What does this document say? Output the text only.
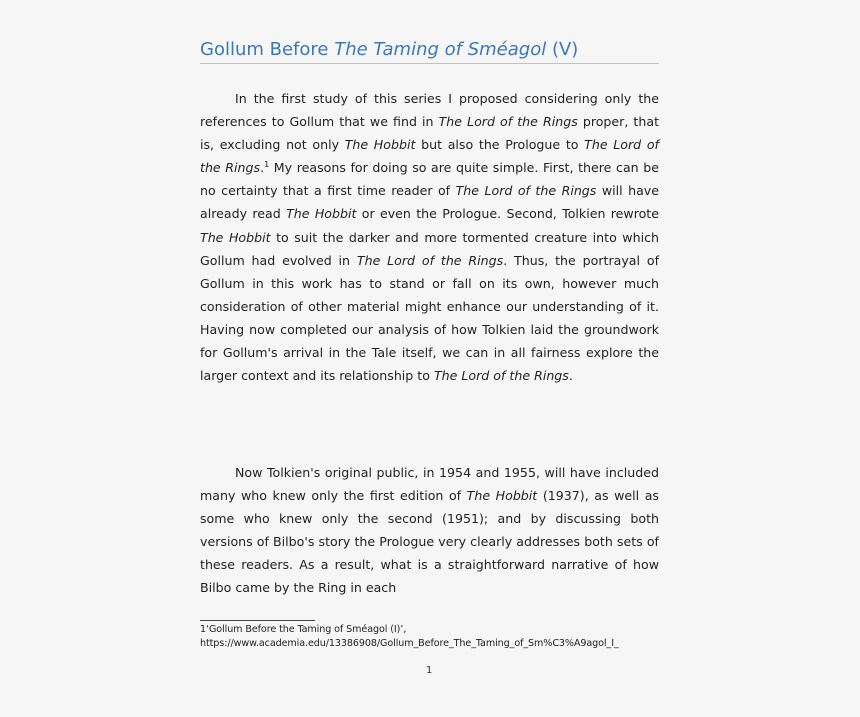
Gollum Before The Taming of Sméagol (V)

In the first study of this series I proposed considering only the references to Gollum that we find in The Lord of the Rings proper, that is, excluding not only The Hobbit but also the Prologue to The Lord of the Rings.$^1$ My reasons for doing so are quite simple. First, there can be no certainty that a first time reader of The Lord of the Rings will have already read The Hobbit or even the Prologue. Second, Tolkien rewrote The Hobbit to suit the darker and more tormented creature into which Gollum had evolved in The Lord of the Rings. Thus, the portrayal of Gollum in this work has to stand or fall on its own, however much consideration of other material might enhance our understanding of it. Having now completed our analysis of how Tolkien laid the groundwork for Gollum's arrival in the Tale itself, we can in all fairness explore the larger context and its relationship to The Lord of the Rings.

Now Tolkien's original public, in 1954 and 1955, will have included many who knew only the first edition of The Hobbit (1937), as well as some who knew only the second (1951); and by discussing both versions of Bilbo's story the Prologue very clearly addresses both sets of these readers. As a result, what is a straightforward narrative of how Bilbo came by the Ring in each

1‘Gollum Before the Taming of Sméagol (I)’,
https://www.academia.edu/13386908/Gollum_Before_The_Taming_of_Sm%C3%A9agol_I_
1
